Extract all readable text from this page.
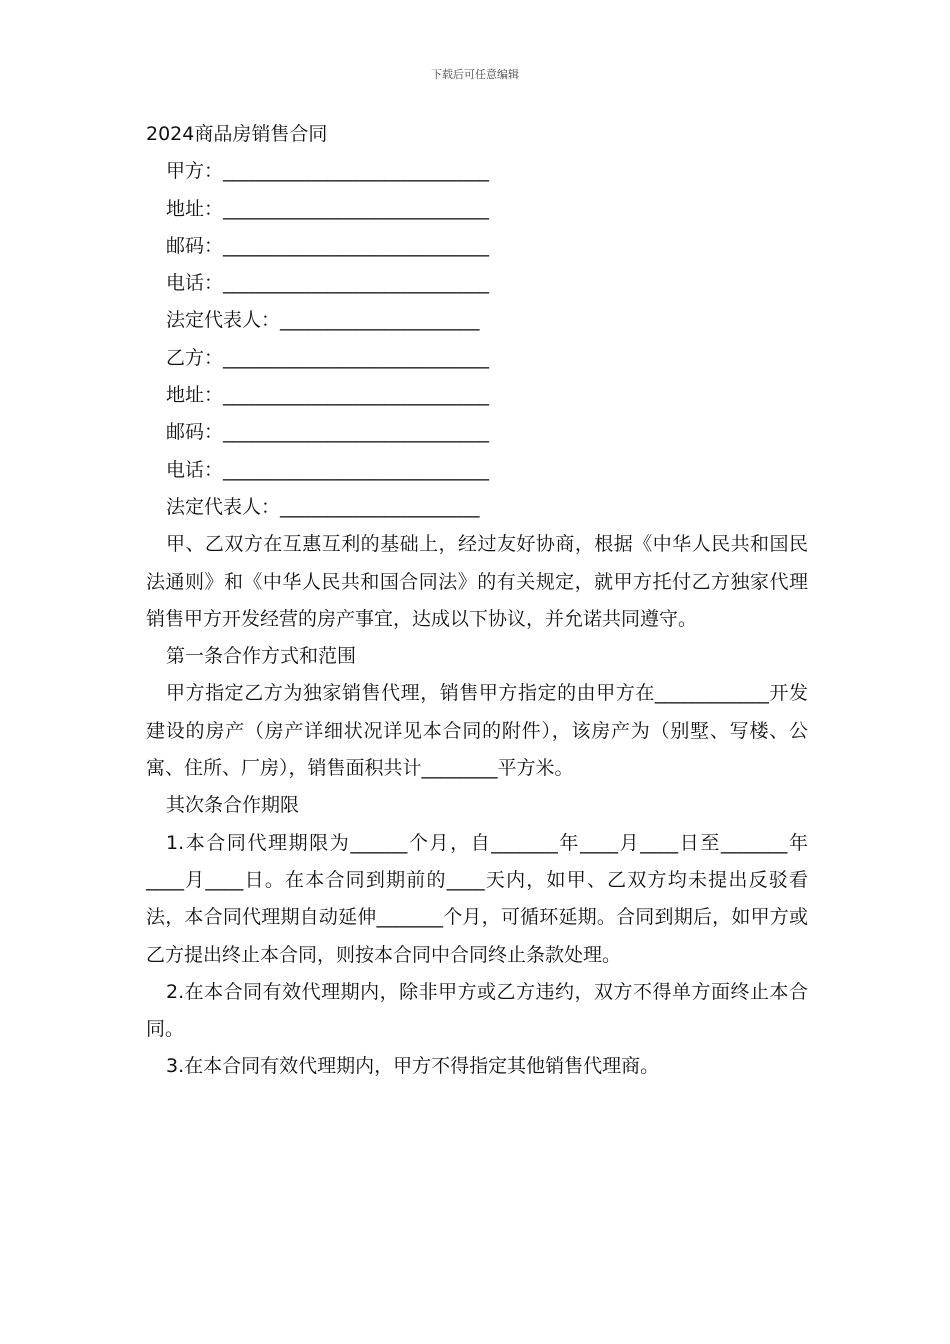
下载后可任意编辑

2024商品房销售合同

甲方：____________________________

地址：____________________________

邮码：____________________________

电话：____________________________

法定代表人：_____________________

乙方：____________________________

地址：____________________________

邮码：____________________________

电话：____________________________

法定代表人：_____________________

甲、乙双方在互惠互利的基础上，经过友好协商，根据《中华人民共和国民法通则》和《中华人民共和国合同法》的有关规定，就甲方托付乙方独家代理销售甲方开发经营的房产事宜，达成以下协议，并允诺共同遵守。

第一条合作方式和范围

甲方指定乙方为独家销售代理，销售甲方指定的由甲方在____________开发建设的房产（房产详细状况详见本合同的附件），该房产为（别墅、写楼、公寓、住所、厂房），销售面积共计________平方米。

其次条合作期限

1.本合同代理期限为______个月，自_______年____月____日至_______年____月____日。在本合同到期前的____天内，如甲、乙双方均未提出反驳看法，本合同代理期自动延伸_______个月，可循环延期。合同到期后，如甲方或乙方提出终止本合同，则按本合同中合同终止条款处理。

2.在本合同有效代理期内，除非甲方或乙方违约，双方不得单方面终止本合同。

3.在本合同有效代理期内，甲方不得指定其他销售代理商。
